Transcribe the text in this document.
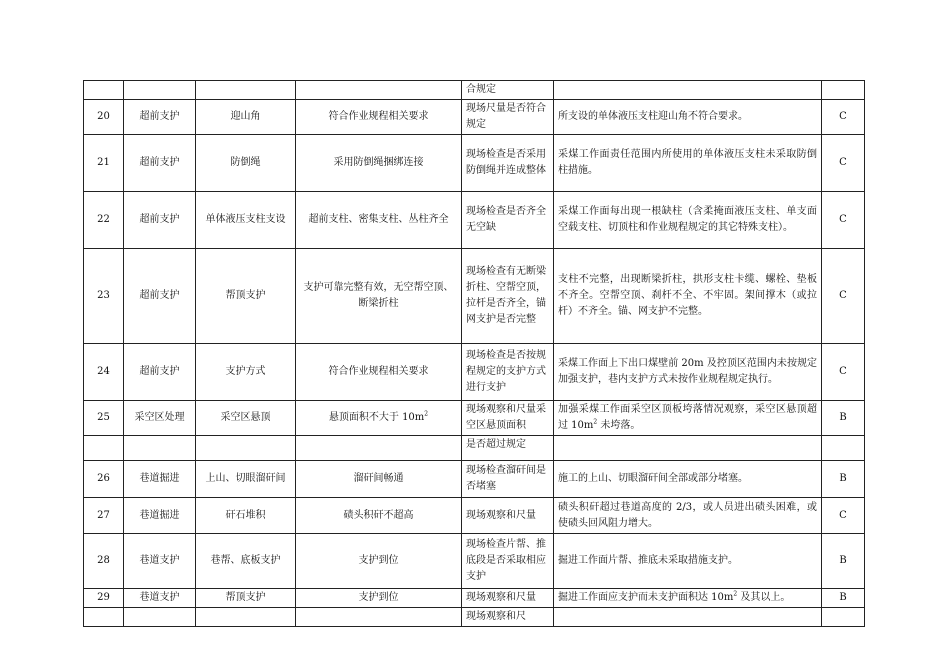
				合规定		
20	超前支护	迎山角	符合作业规程相关要求	现场尺量是否符合规定	所支设的单体液压支柱迎山角不符合要求。	C
21	超前支护	防倒绳	采用防倒绳捆绑连接	现场检查是否采用防倒绳并连成整体	采煤工作面责任范围内所使用的单体液压支柱未采取防倒柱措施。	C
22	超前支护	单体液压支柱支设	超前支柱、密集支柱、丛柱齐全	现场检查是否齐全无空缺	采煤工作面每出现一根缺柱（含柔掩面液压支柱、单支面空载支柱、切顶柱和作业规程规定的其它特殊支柱）。	C
23	超前支护	帮顶支护	支护可靠完整有效，无空帮空顶、断梁折柱	现场检查有无断梁折柱、空帮空顶，拉杆是否齐全，锚网支护是否完整	支柱不完整，出现断梁折柱，拱形支柱卡缆、螺栓、垫板不齐全。空帮空顶、刹杆不全、不牢固。架间撑木（或拉杆）不齐全。锚、网支护不完整。	C
24	超前支护	支护方式	符合作业规程相关要求	现场检查是否按规程规定的支护方式进行支护	采煤工作面上下出口煤壁前 20m 及控顶区范围内未按规定加强支护，巷内支护方式未按作业规程规定执行。	C
25	采空区处理	采空区悬顶	悬顶面积不大于 $10m^2$	现场观察和尺量采空区悬顶面积	加强采煤工作面采空区顶板垮落情况观察，采空区悬顶超过 $10m^2$ 未垮落。	B
				是否超过规定		
26	巷道掘进	上山、切眼溜矸间	溜矸间畅通	现场检查溜矸间是否堵塞	施工的上山、切眼溜矸间全部或部分堵塞。	B
27	巷道掘进	矸石堆积	碛头积矸不超高	现场观察和尺量	碛头积矸超过巷道高度的 2/3，或人员进出碛头困难，或使碛头回风阻力增大。	C
28	巷道支护	巷帮、底板支护	支护到位	现场检查片帮、推底段是否采取相应支护	掘进工作面片帮、推底未采取措施支护。	B
29	巷道支护	帮顶支护	支护到位	现场观察和尺量	掘进工作面应支护而未支护面积达 $10m^2$ 及其以上。	B
				现场观察和尺		
